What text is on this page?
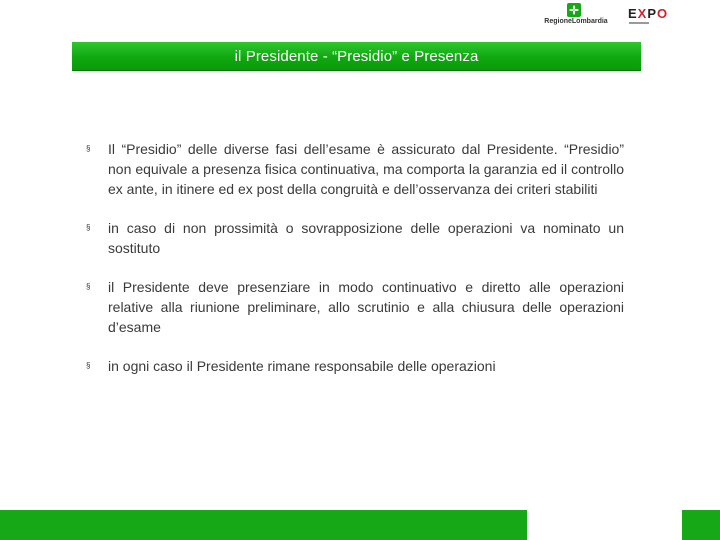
il Presidente - “Presidio” e Presenza
§	Il “Presidio” delle diverse fasi dell’esame è assicurato dal Presidente. “Presidio” non equivale a presenza fisica continuativa, ma comporta la garanzia ed il controllo ex ante, in itinere ed ex post della congruità e dell’osservanza dei criteri stabiliti
§	in caso di non prossimità o sovrapposizione delle operazioni va nominato un sostituto
§	il Presidente deve presenziare in modo continuativo e diretto alle operazioni relative alla riunione preliminare, allo scrutinio e alla chiusura delle operazioni d’esame
§	in ogni caso il Presidente rimane responsabile delle operazioni
RegioneLombardia
EXPO
